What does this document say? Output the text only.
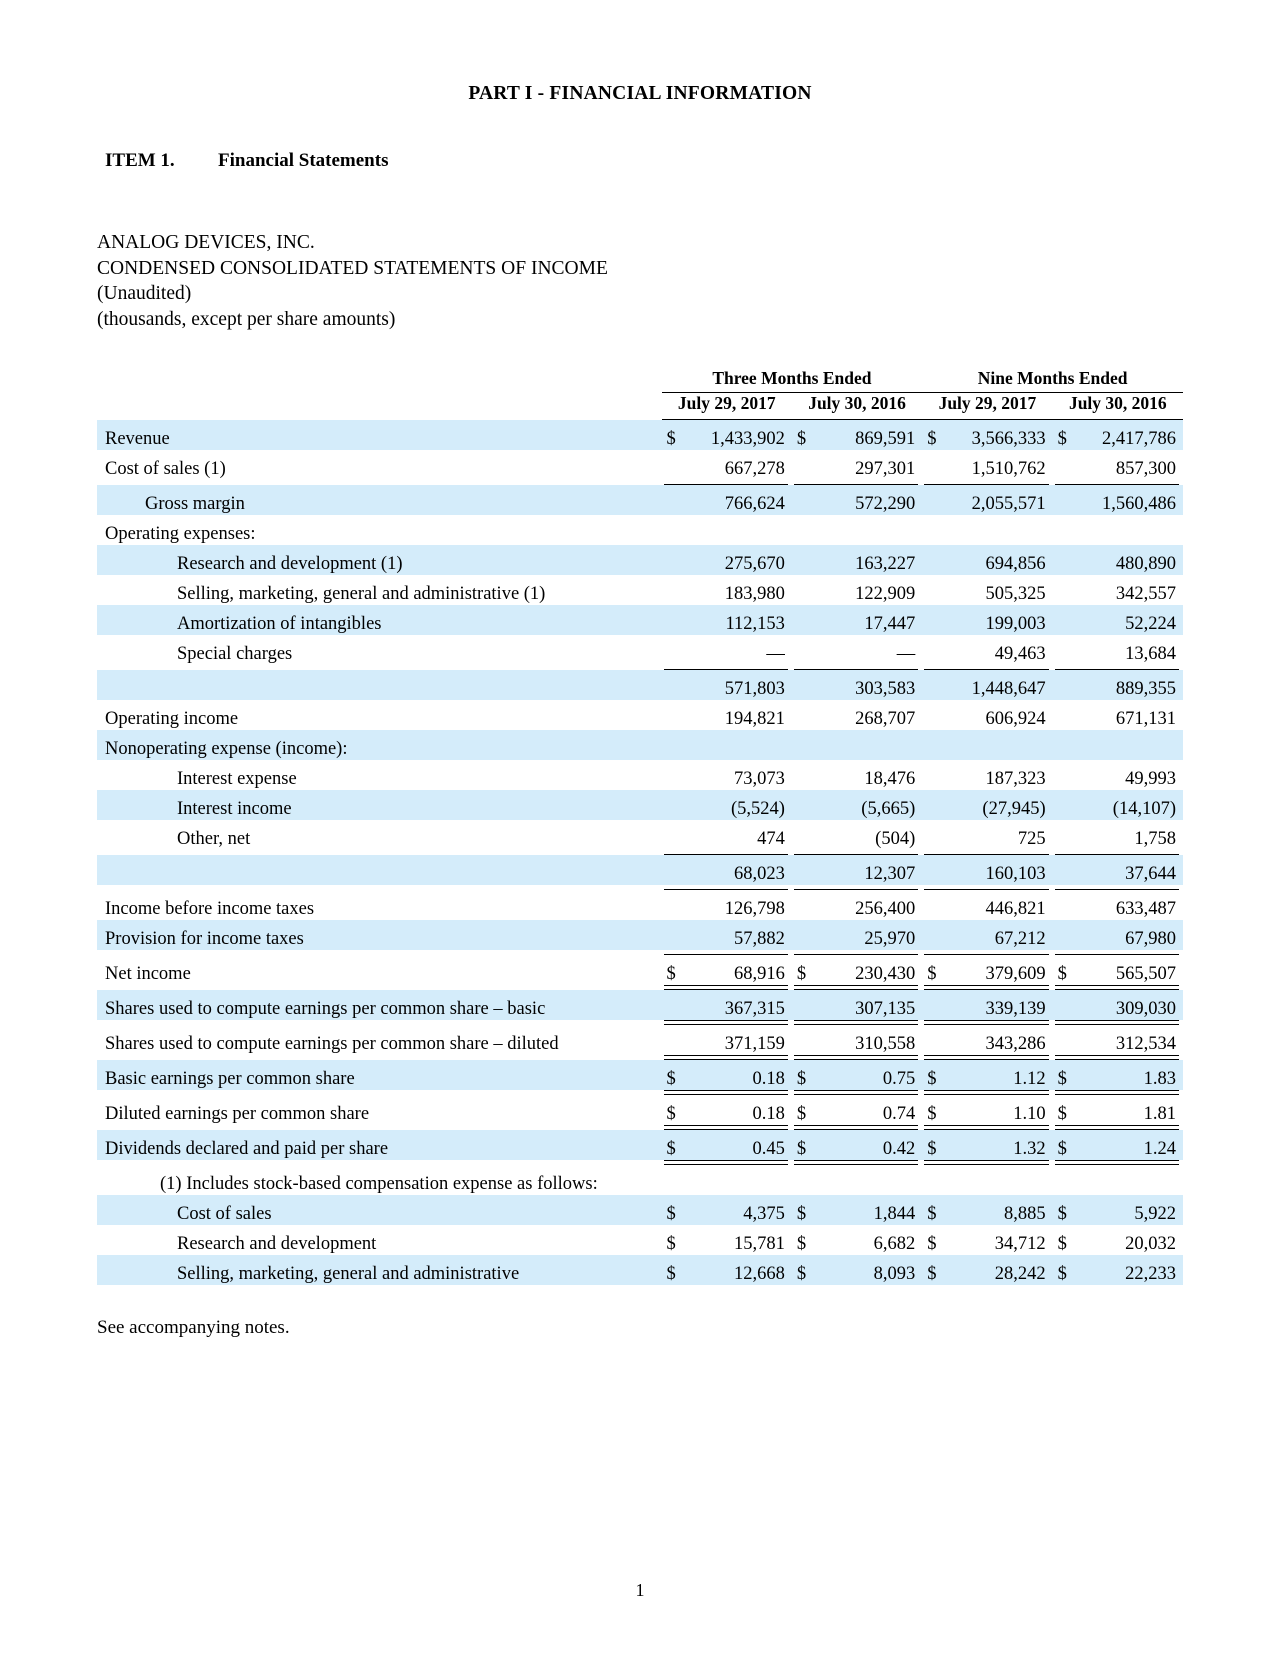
PART I - FINANCIAL INFORMATION
ITEM 1. Financial Statements
ANALOG DEVICES, INC.
CONDENSED CONSOLIDATED STATEMENTS OF INCOME
(Unaudited)
(thousands, except per share amounts)
	Three Months Ended		Nine Months Ended	

	July 29, 2017	July 30, 2016	July 29, 2017	July 30, 2016

Revenue	$ 1,433,902	$ 869,591	$ 3,566,333	$ 2,417,786
Cost of sales (1)	667,278	297,301	1,510,762	857,300

Gross margin	766,624	572,290	2,055,571	1,560,486
Operating expenses:				
Research and development (1)	275,670	163,227	694,856	480,890
Selling, marketing, general and administrative (1)	183,980	122,909	505,325	342,557
Amortization of intangibles	112,153	17,447	199,003	52,224
Special charges	—	—	49,463	13,684

	571,803	303,583	1,448,647	889,355
Operating income	194,821	268,707	606,924	671,131
Nonoperating expense (income):				
Interest expense	73,073	18,476	187,323	49,993
Interest income	(5,524)	(5,665)	(27,945)	(14,107)
Other, net	474	(504)	725	1,758

	68,023	12,307	160,103	37,644

Income before income taxes	126,798	256,400	446,821	633,487
Provision for income taxes	57,882	25,970	67,212	67,980

Net income	$ 68,916	$ 230,430	$ 379,609	$ 565,507

Shares used to compute earnings per common share – basic	367,315	307,135	339,139	309,030

Shares used to compute earnings per common share – diluted	371,159	310,558	343,286	312,534

Basic earnings per common share	$ 0.18	$ 0.75	$ 1.12	$ 1.83

Diluted earnings per common share	$ 0.18	$ 0.74	$ 1.10	$ 1.81

Dividends declared and paid per share	$ 0.45	$ 0.42	$ 1.32	$ 1.24

(1) Includes stock-based compensation expense as follows:				
Cost of sales	$ 4,375	$ 1,844	$ 8,885	$ 5,922
Research and development	$ 15,781	$ 6,682	$ 34,712	$ 20,032
Selling, marketing, general and administrative	$ 12,668	$ 8,093	$ 28,242	$ 22,233
See accompanying notes.
1
